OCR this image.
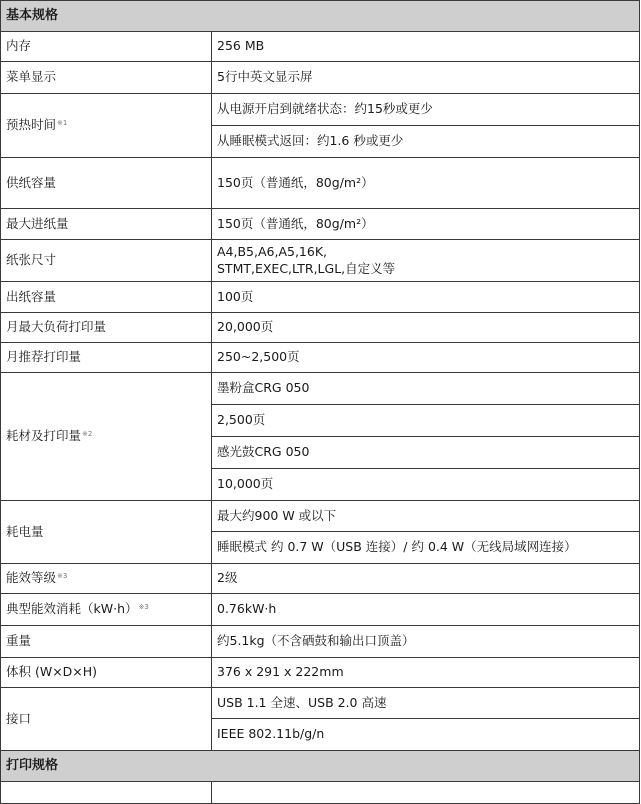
基本规格	
内存	256 MB
菜单显示	5行中英文显示屏
预热时间$^{※1}$	从电源开启到就绪状态：约15秒或更少
	从睡眠模式返回：约1.6 秒或更少
供纸容量	150页（普通纸，80g/m²）
最大进纸量	150页（普通纸，80g/m²）
纸张尺寸	A4,B5,A6,A5,16K,
STMT,EXEC,LTR,LGL,自定义等

出纸容量	100页
月最大负荷打印量	20,000页
月推荐打印量	250~2,500页
耗材及打印量$^{※2}$	墨粉盒CRG 050
	2,500页
	感光鼓CRG 050
	10,000页
耗电量	最大约900 W 或以下
	睡眠模式 约 0.7 W（USB 连接）/ 约 0.4 W（无线局域网连接）
能效等级$^{※3}$	2级
典型能效消耗（kW·h）$^{※3}$	0.76kW·h
重量	约5.1kg（不含硒鼓和输出口顶盖）
体积 (W×D×H)	376 x 291 x 222mm
接口	USB 1.1 全速、USB 2.0 高速
	IEEE 802.11b/g/n
打印规格	
